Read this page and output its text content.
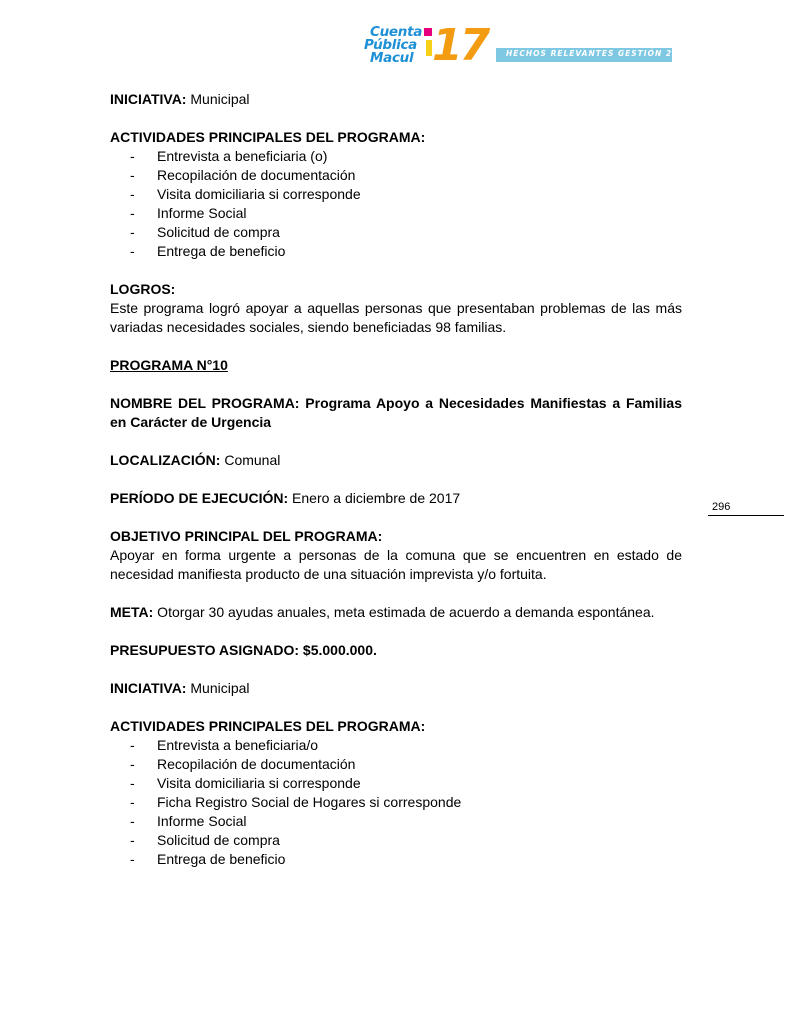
Cuenta
Pública
Macul 17	HECHOS RELEVANTES GESTIÓN 2017

INICIATIVA: Municipal

ACTIVIDADES PRINCIPALES DEL PROGRAMA:

- Entrevista a beneficiaria (o)
- Recopilación de documentación
- Visita domiciliaria si corresponde
- Informe Social
- Solicitud de compra
- Entrega de beneficio

LOGROS:

Este programa logró apoyar a aquellas personas que presentaban problemas de las más variadas necesidades sociales, siendo beneficiadas 98 familias.

PROGRAMA N°10

NOMBRE DEL PROGRAMA: Programa Apoyo a Necesidades Manifiestas a Familias en Carácter de Urgencia

LOCALIZACIÓN: Comunal

PERÍODO DE EJECUCIÓN: Enero a diciembre de 2017

OBJETIVO PRINCIPAL DEL PROGRAMA:

Apoyar en forma urgente a personas de la comuna que se encuentren en estado de necesidad manifiesta producto de una situación imprevista y/o fortuita.

META: Otorgar 30 ayudas anuales, meta estimada de acuerdo a demanda espontánea.

PRESUPUESTO ASIGNADO: $5.000.000.

INICIATIVA: Municipal

ACTIVIDADES PRINCIPALES DEL PROGRAMA:

- Entrevista a beneficiaria/o
- Recopilación de documentación
- Visita domiciliaria si corresponde
- Ficha Registro Social de Hogares si corresponde
- Informe Social
- Solicitud de compra
- Entrega de beneficio
296
